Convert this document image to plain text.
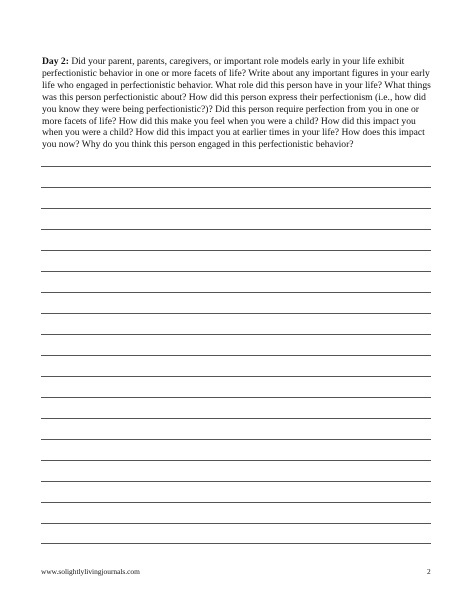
Day 2: Did your parent, parents, caregivers, or important role models early in your life exhibit perfectionistic behavior in one or more facets of life? Write about any important figures in your early life who engaged in perfectionistic behavior. What role did this person have in your life? What things was this person perfectionistic about? How did this person express their perfectionism (i.e., how did you know they were being perfectionistic?)? Did this person require perfection from you in one or more facets of life? How did this make you feel when you were a child? How did this impact you when you were a child? How did this impact you at earlier times in your life? How does this impact you now? Why do you think this person engaged in this perfectionistic behavior?

www.solightlylivingjournals.com	2
